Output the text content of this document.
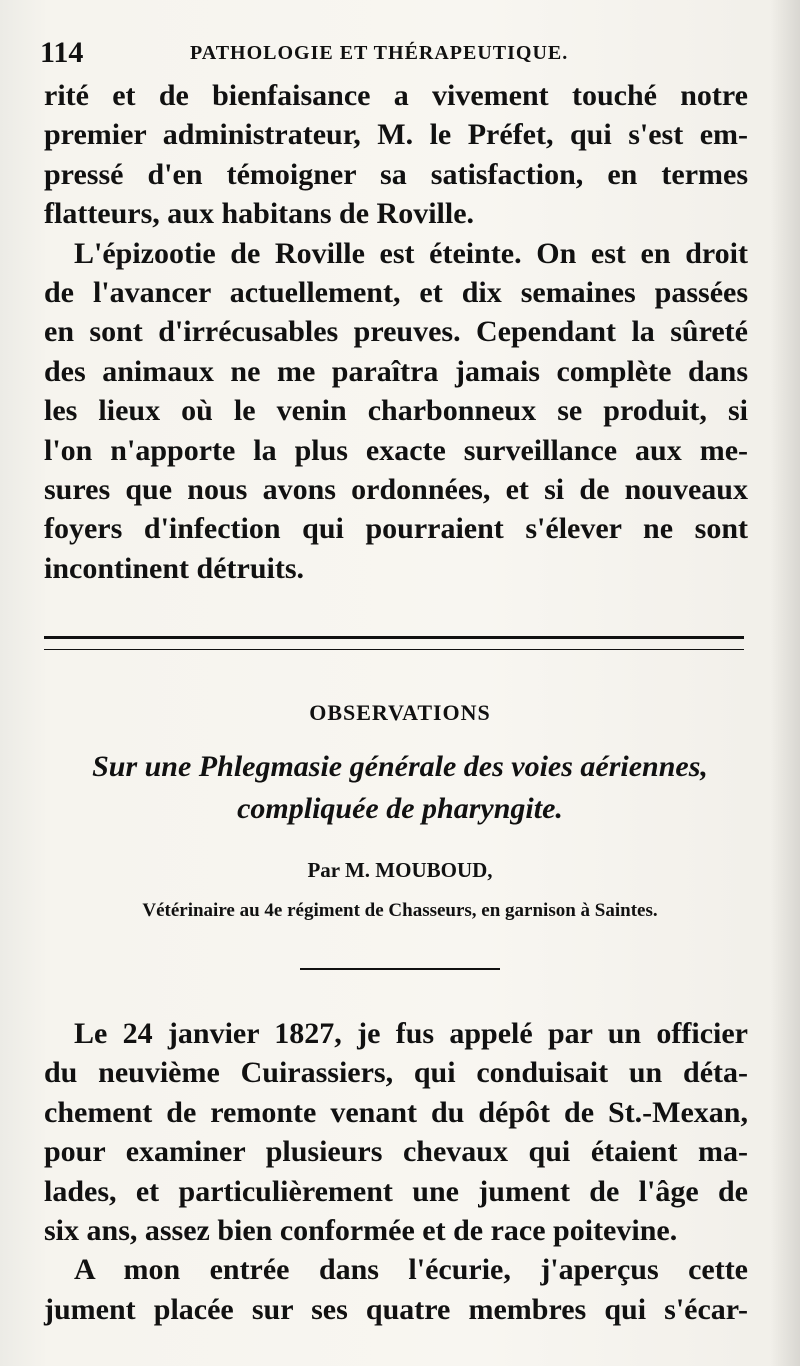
114	PATHOLOGIE ET THÉRAPEUTIQUE.
rité et de bienfaisance a vivement touché notre
premier administrateur, M. le Préfet, qui s'est em-
pressé d'en témoigner sa satisfaction, en termes
flatteurs, aux habitans de Roville.
L'épizootie de Roville est éteinte. On est en droit
de l'avancer actuellement, et dix semaines passées
en sont d'irrécusables preuves. Cependant la sûreté
des animaux ne me paraîtra jamais complète dans
les lieux où le venin charbonneux se produit, si
l'on n'apporte la plus exacte surveillance aux me-
sures que nous avons ordonnées, et si de nouveaux
foyers d'infection qui pourraient s'élever ne sont
incontinent détruits.
OBSERVATIONS
Sur une Phlegmasie générale des voies aériennes,
compliquée de pharyngite.
Par M. MOUBOUD,
Vétérinaire au 4e régiment de Chasseurs, en garnison à Saintes.
Le 24 janvier 1827, je fus appelé par un officier
du neuvième Cuirassiers, qui conduisait un déta-
chement de remonte venant du dépôt de St.-Mexan,
pour examiner plusieurs chevaux qui étaient ma-
lades, et particulièrement une jument de l'âge de
six ans, assez bien conformée et de race poitevine.
A mon entrée dans l'écurie, j'aperçus cette
jument placée sur ses quatre membres qui s'écar-
